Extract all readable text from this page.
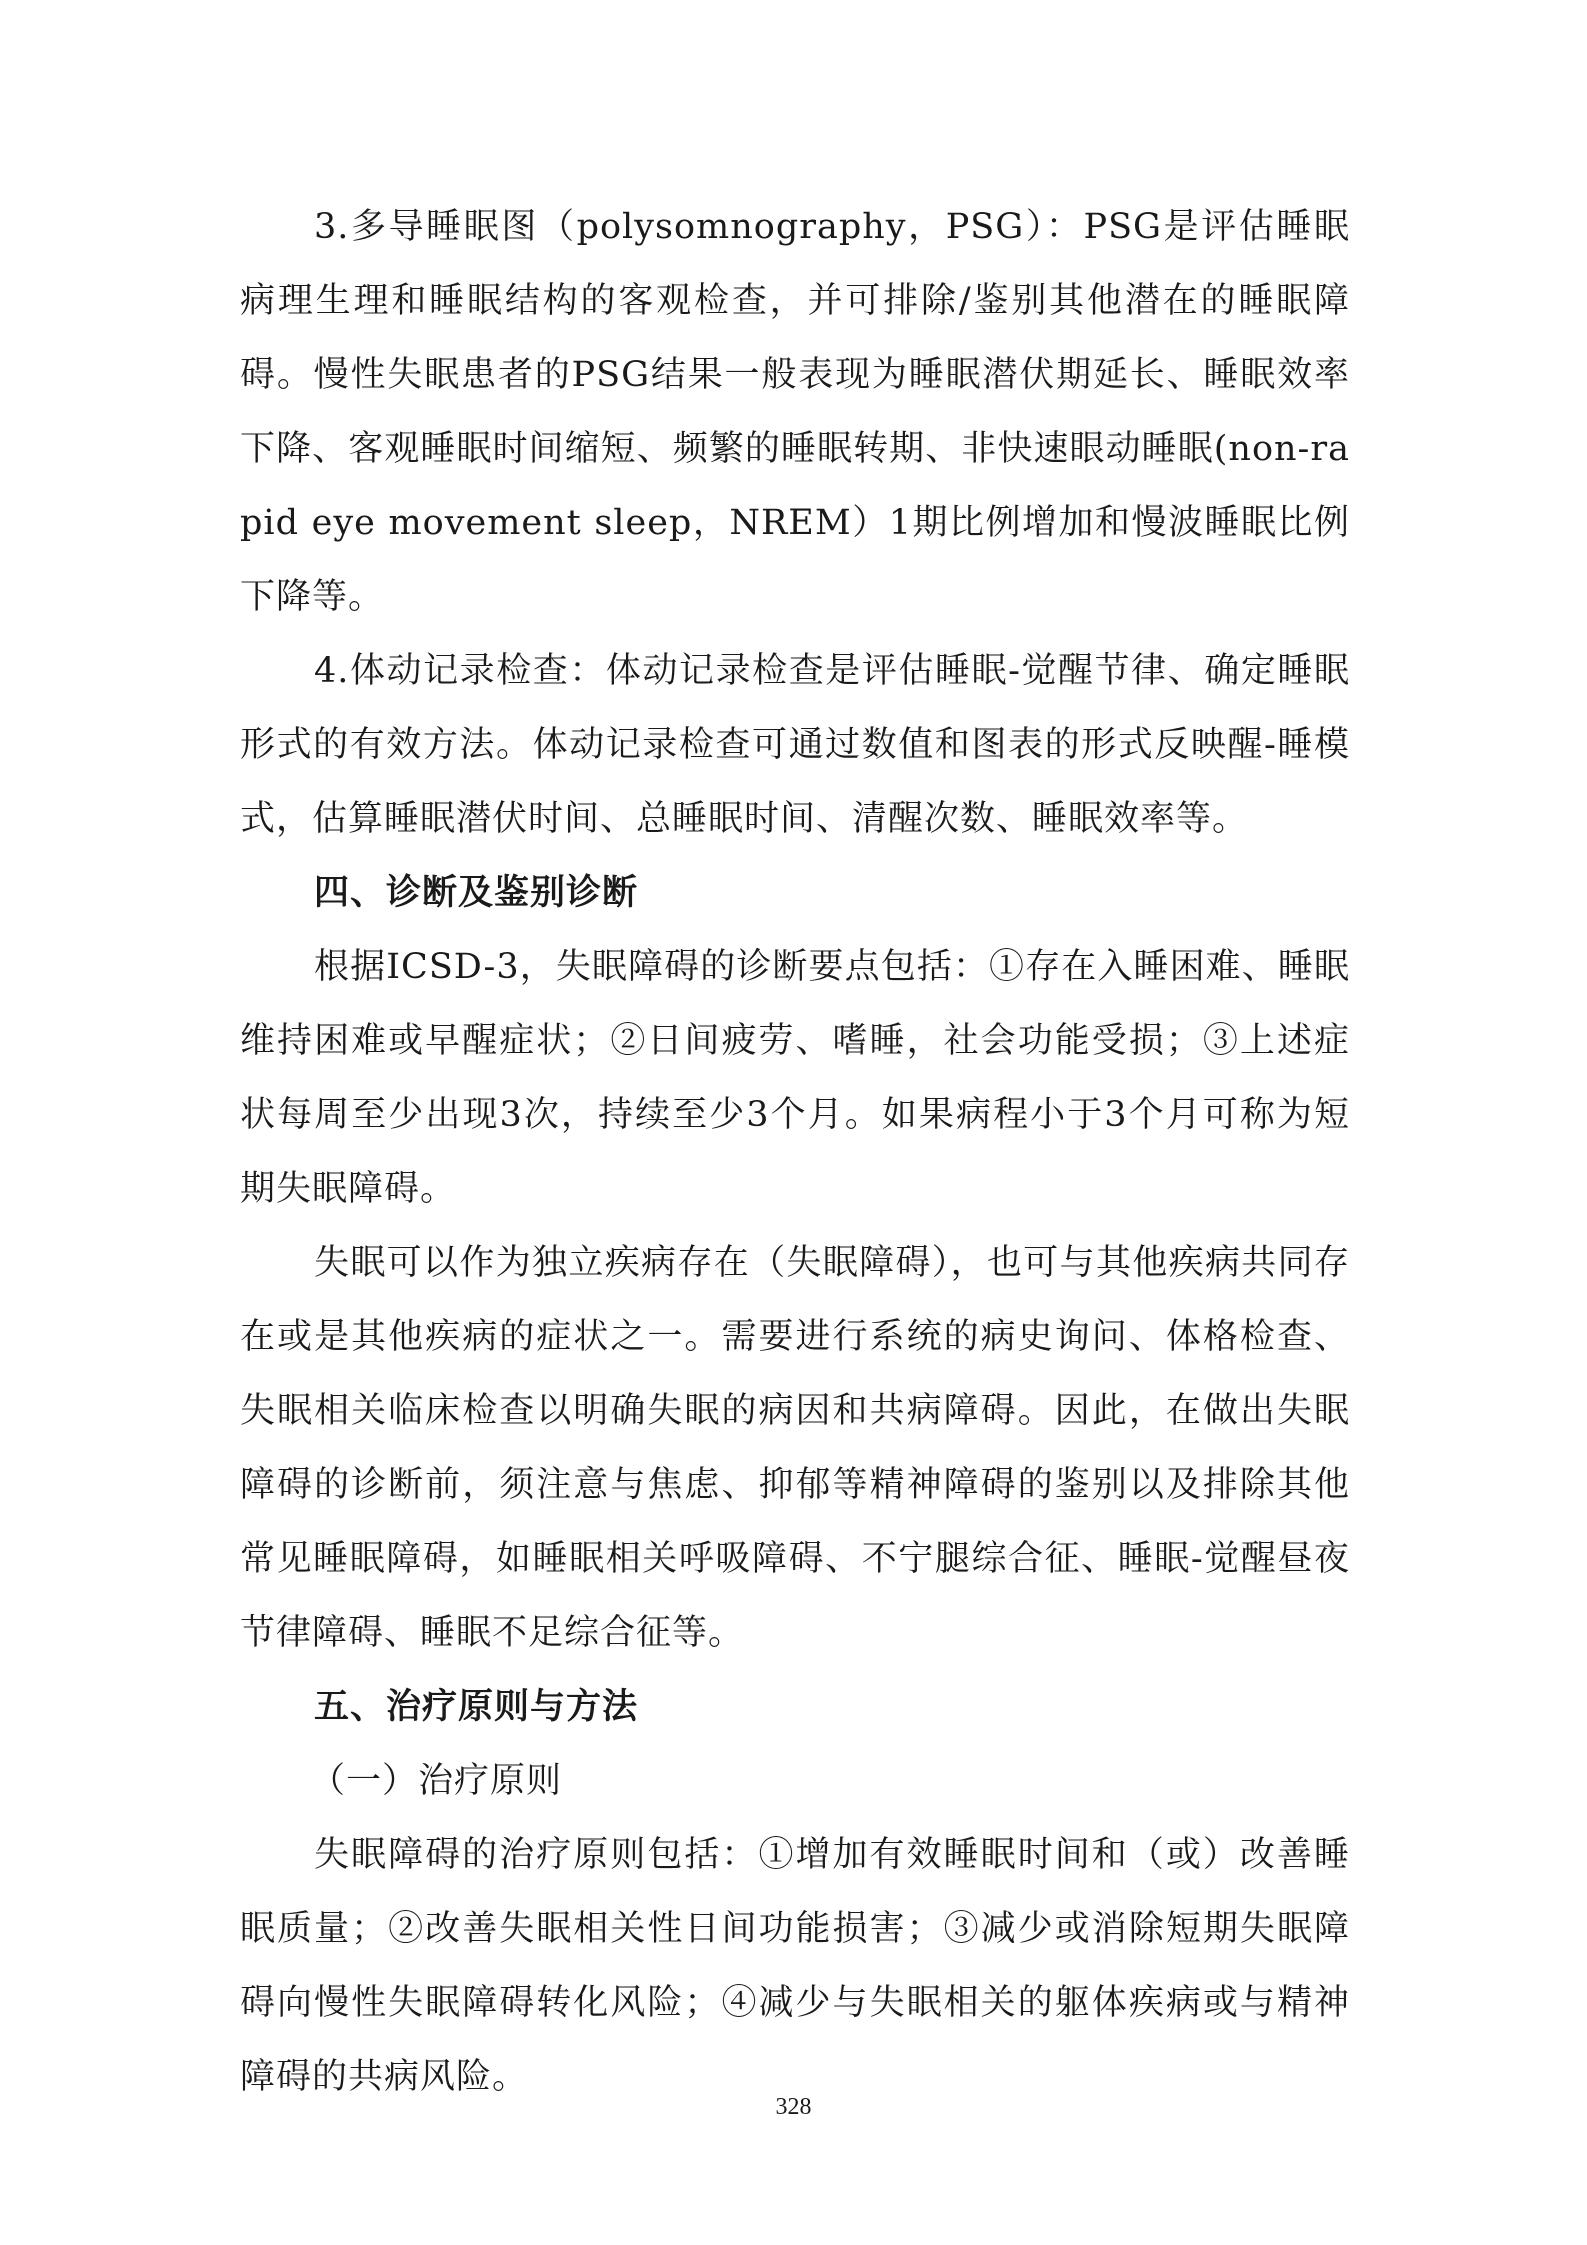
3.多导睡眠图（polysomnography，PSG）：PSG是评估睡眠病理生理和睡眠结构的客观检查，并可排除/鉴别其他潜在的睡眠障碍。慢性失眠患者的PSG结果一般表现为睡眠潜伏期延长、睡眠效率下降、客观睡眠时间缩短、频繁的睡眠转期、非快速眼动睡眠(non-rapid eye movement sleep，NREM）1期比例增加和慢波睡眠比例下降等。

4.体动记录检查：体动记录检查是评估睡眠-觉醒节律、确定睡眠形式的有效方法。体动记录检查可通过数值和图表的形式反映醒-睡模式，估算睡眠潜伏时间、总睡眠时间、清醒次数、睡眠效率等。

四、诊断及鉴别诊断

根据ICSD-3，失眠障碍的诊断要点包括：①存在入睡困难、睡眠维持困难或早醒症状；②日间疲劳、嗜睡，社会功能受损；③上述症状每周至少出现3次，持续至少3个月。如果病程小于3个月可称为短期失眠障碍。

失眠可以作为独立疾病存在（失眠障碍），也可与其他疾病共同存在或是其他疾病的症状之一。需要进行系统的病史询问、体格检查、失眠相关临床检查以明确失眠的病因和共病障碍。因此，在做出失眠障碍的诊断前，须注意与焦虑、抑郁等精神障碍的鉴别以及排除其他常见睡眠障碍，如睡眠相关呼吸障碍、不宁腿综合征、睡眠-觉醒昼夜节律障碍、睡眠不足综合征等。

五、治疗原则与方法

（一）治疗原则

失眠障碍的治疗原则包括：①增加有效睡眠时间和（或）改善睡眠质量；②改善失眠相关性日间功能损害；③减少或消除短期失眠障碍向慢性失眠障碍转化风险；④减少与失眠相关的躯体疾病或与精神障碍的共病风险。

328
